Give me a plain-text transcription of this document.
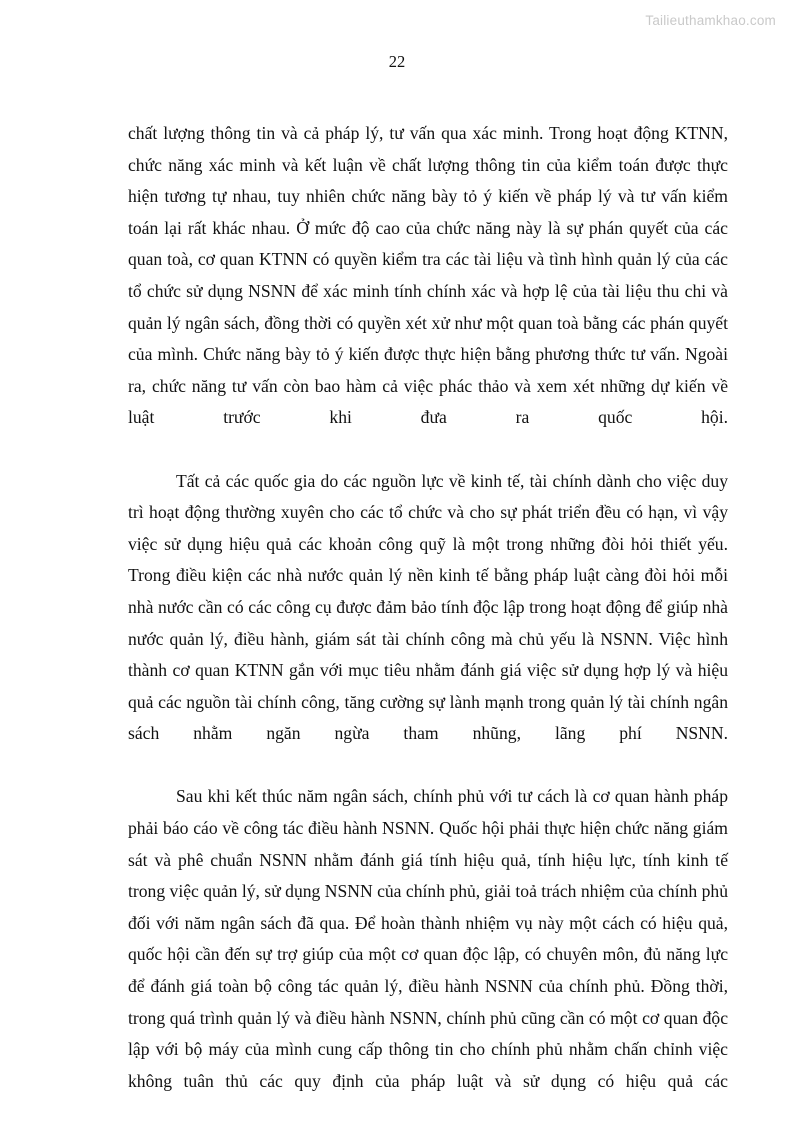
Tailieuthamkhao.com
22

chất lượng thông tin và cả pháp lý, tư vấn qua xác minh. Trong hoạt động KTNN, chức năng xác minh và kết luận về chất lượng thông tin của kiểm toán được thực hiện tương tự nhau, tuy nhiên chức năng bày tỏ ý kiến về pháp lý và tư vấn kiểm toán lại rất khác nhau. Ở mức độ cao của chức năng này là sự phán quyết của các quan toà, cơ quan KTNN có quyền kiểm tra các tài liệu và tình hình quản lý của các tổ chức sử dụng NSNN để xác minh tính chính xác và hợp lệ của tài liệu thu chi và quản lý ngân sách, đồng thời có quyền xét xử như một quan toà bằng các phán quyết của mình. Chức năng bày tỏ ý kiến được thực hiện bằng phương thức tư vấn. Ngoài ra, chức năng tư vấn còn bao hàm cả việc phác thảo và xem xét những dự kiến về luật trước khi đưa ra quốc hội.

Tất cả các quốc gia do các nguồn lực về kinh tế, tài chính dành cho việc duy trì hoạt động thường xuyên cho các tổ chức và cho sự phát triển đều có hạn, vì vậy việc sử dụng hiệu quả các khoản công quỹ là một trong những đòi hỏi thiết yếu. Trong điều kiện các nhà nước quản lý nền kinh tế bằng pháp luật càng đòi hỏi mỗi nhà nước cần có các công cụ được đảm bảo tính độc lập trong hoạt động để giúp nhà nước quản lý, điều hành, giám sát tài chính công mà chủ yếu là NSNN. Việc hình thành cơ quan KTNN gắn với mục tiêu nhằm đánh giá việc sử dụng hợp lý và hiệu quả các nguồn tài chính công, tăng cường sự lành mạnh trong quản lý tài chính ngân sách nhằm ngăn ngừa tham nhũng, lãng phí NSNN.

Sau khi kết thúc năm ngân sách, chính phủ với tư cách là cơ quan hành pháp phải báo cáo về công tác điều hành NSNN. Quốc hội phải thực hiện chức năng giám sát và phê chuẩn NSNN nhằm đánh giá tính hiệu quả, tính hiệu lực, tính kinh tế trong việc quản lý, sử dụng NSNN của chính phủ, giải toả trách nhiệm của chính phủ đối với năm ngân sách đã qua. Để hoàn thành nhiệm vụ này một cách có hiệu quả, quốc hội cần đến sự trợ giúp của một cơ quan độc lập, có chuyên môn, đủ năng lực để đánh giá toàn bộ công tác quản lý, điều hành NSNN của chính phủ. Đồng thời, trong quá trình quản lý và điều hành NSNN, chính phủ cũng cần có một cơ quan độc lập với bộ máy của mình cung cấp thông tin cho chính phủ nhằm chấn chỉnh việc không tuân thủ các quy định của pháp luật và sử dụng có hiệu quả các
